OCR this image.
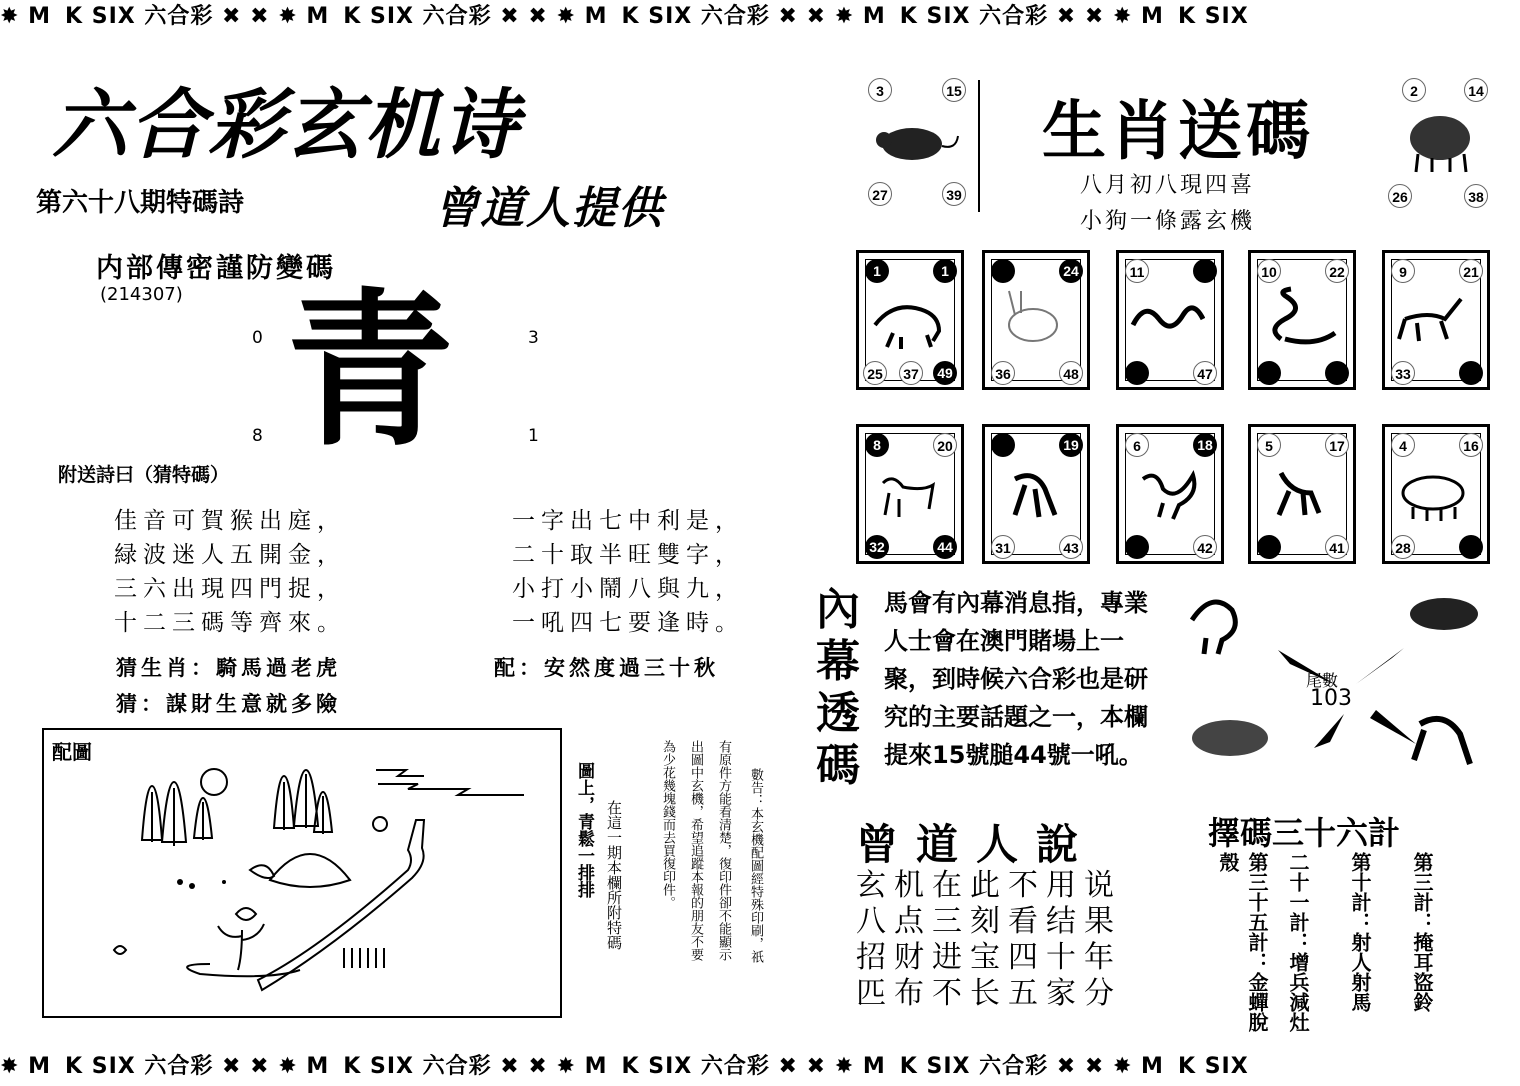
✸ M  K SIX 六合彩 ✖ ✖ ✸ M  K SIX 六合彩 ✖ ✖ ✸ M  K SIX 六合彩 ✖ ✖ ✸ M  K SIX 六合彩 ✖ ✖ ✸ M  K SIX
✸ M  K SIX 六合彩 ✖ ✖ ✸ M  K SIX 六合彩 ✖ ✖ ✸ M  K SIX 六合彩 ✖ ✖ ✸ M  K SIX 六合彩 ✖ ✖ ✸ M  K SIX
六合彩玄机诗
第六十八期特碼詩	曾道人提供
内部傳密謹防變碼
(214307) 青
0	3
8	1
附送詩曰（猜特碼）
佳音可賀猴出庭，
緑波迷人五開金，
三六出現四門捉，
十二三碼等齊來。
一字出七中利是，
二十取半旺雙字，
小打小鬧八與九，
一吼四七要逢時。
猜生肖：騎馬過老虎	配：安然度過三十秋
猜：謀財生意就多險
配圖
圖上，青鬆一排排 在這一期本欄所附特碼	為少花幾塊錢而去買復印件。	出圖中玄機，希望追蹤本報的朋友不要	有原件方能看清楚，復印件卻不能顯示	數告：本玄機配圖經特殊印刷，祇
3	15
27	39
生肖送碼
八月初八現四喜
小狗一條露玄機
2	14
26	38
1	1
25	37	49
24
36	48
11
47
10	22	9	21
33
8	20
32	44
19
31	43
6	18
42
5	17
41
4	16
28
內幕透碼
馬會有內幕消息指，專業人士會在澳門賭場上一聚，到時候六合彩也是研究的主要話題之一，本欄提來15號膇44號一吼。
尾數
103
曾道人說
玄机在此不用说
八点三刻看结果
招财进宝四十年
匹布不长五家分
擇碼三十六計
第三計：掩耳盜鈴
第十計：射人射馬
二十一計：增兵減灶
第三十五計：金蟬脫殼
